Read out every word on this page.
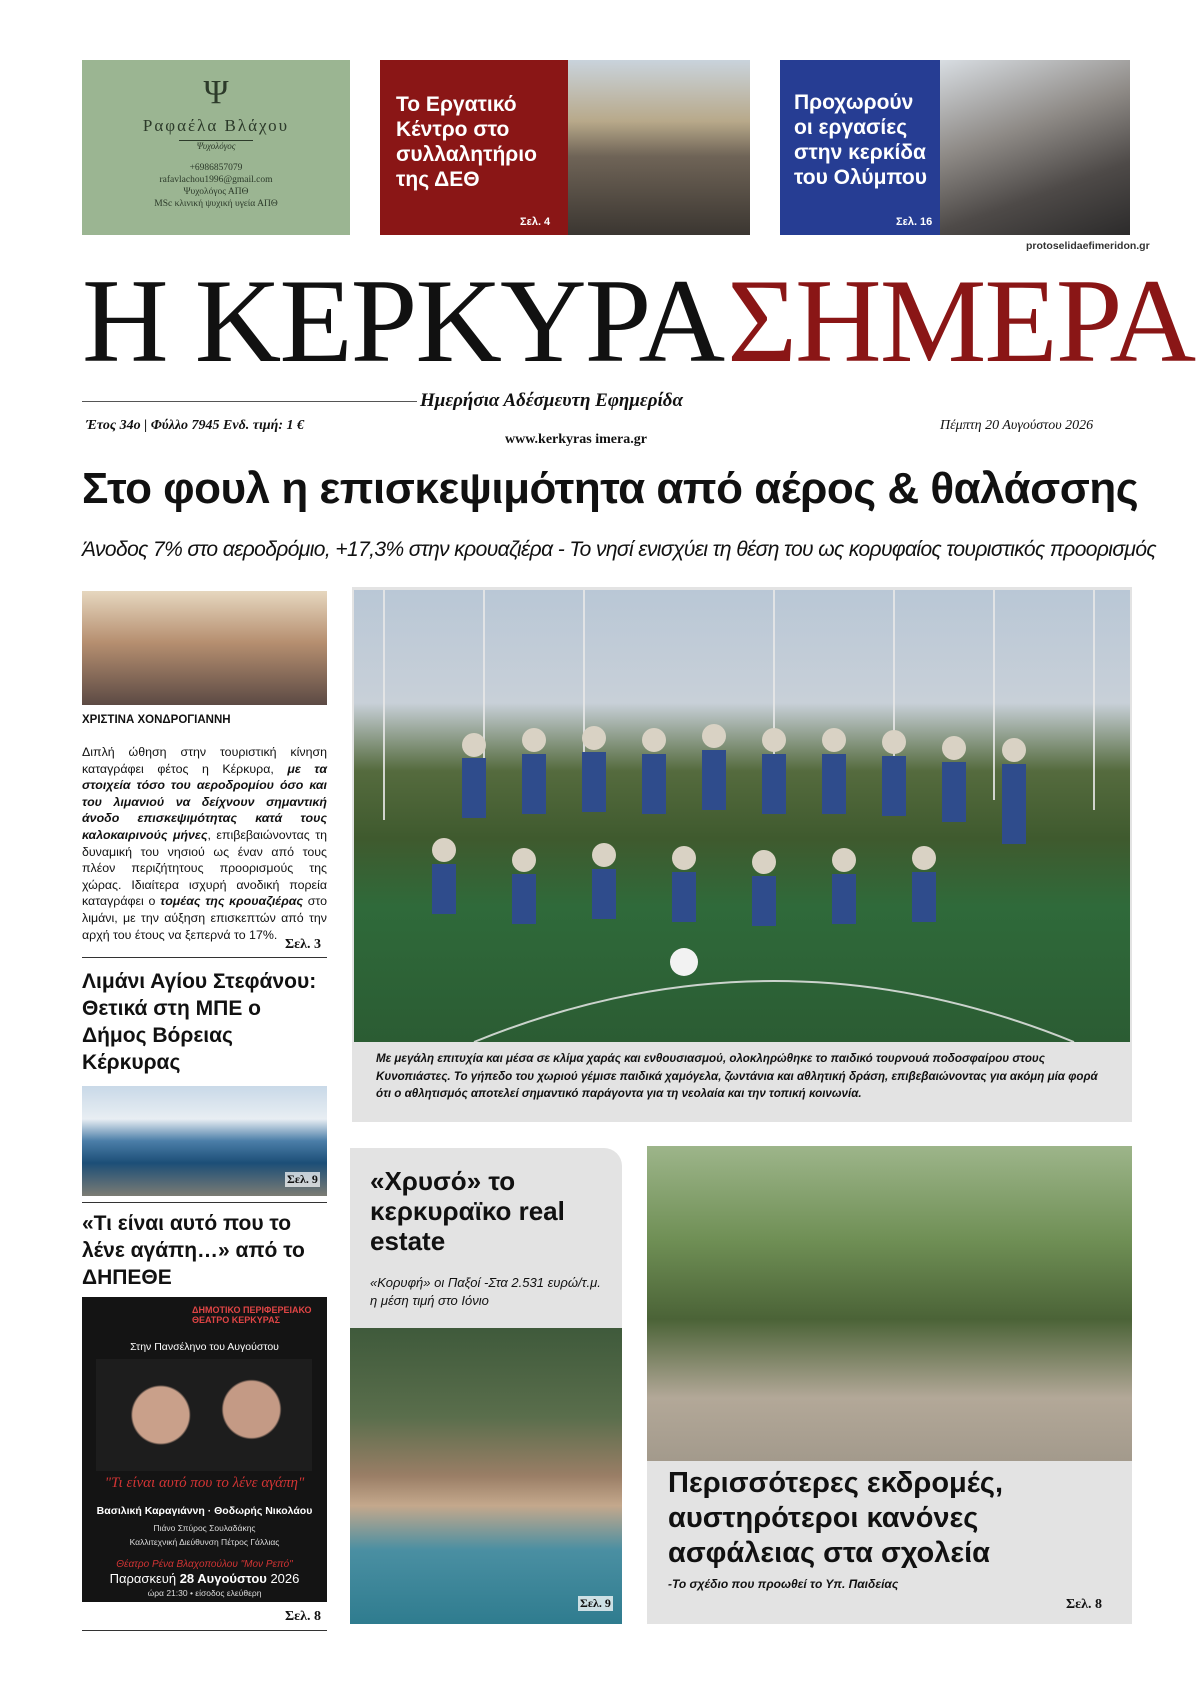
Ψ
Ραφαέλα Βλάχου
Ψυχολόγος
+6986857079
rafavlachou1996@gmail.com
Ψυχολόγος ΑΠΘ
MSc κλινική ψυχική υγεία ΑΠΘ
Το Εργατικό Κέντρο στο συλλαλητήριο της ΔΕΘ
Σελ. 4
Προχωρούν οι εργασίες στην κερκίδα του Ολύμπου
Σελ. 16
protoselidaefimeridon.gr
Η ΚΕΡΚΥΡΑ ΣΗΜΕΡΑ
Ημερήσια Αδέσμευτη Εφημερίδα
Έτος 34ο | Φύλλο 7945 Ενδ. τιμή: 1 €
www.kerkyras imera.gr
Πέμπτη 20 Αυγούστου 2026
Στο φουλ η επισκεψιμότητα από αέρος & θαλάσσης
Άνοδος 7% στο αεροδρόμιο, +17,3% στην κρουαζιέρα - Το νησί ενισχύει τη θέση του ως κορυφαίος τουριστικός προορισμός
ΧΡΙΣΤΙΝΑ ΧΟΝΔΡΟΓΙΑΝΝΗ
Διπλή ώθηση στην τουριστική κίνηση καταγράφει φέτος η Κέρκυρα, με τα στοιχεία τόσο του αεροδρομίου όσο και του λιμανιού να δείχνουν σημαντική άνοδο επισκεψιμότητας κατά τους καλοκαιρινούς μήνες, επιβεβαιώνοντας τη δυναμική του νησιού ως έναν από τους πλέον περιζήτητους προορισμούς της χώρας. Ιδιαίτερα ισχυρή ανοδική πορεία καταγράφει ο τομέας της κρουαζιέρας στο λιμάνι, με την αύξηση επισκεπτών από την αρχή του έτους να ξεπερνά το 17%.
Σελ. 3
Λιμάνι Αγίου Στεφάνου: Θετικά στη ΜΠΕ ο Δήμος Βόρειας Κέρκυρας
Σελ. 9
«Τι είναι αυτό που το λένε αγάπη…» από το ΔΗΠΕΘΕ
ΔΗΜΟΤΙΚΟ ΠΕΡΙΦΕΡΕΙΑΚΟ ΘΕΑΤΡΟ ΚΕΡΚΥΡΑΣ
Στην Πανσέληνο του Αυγούστου
"Τι είναι αυτό που το λένε αγάπη"
Βασιλική Καραγιάννη · Θοδωρής Νικολάου
Πιάνο Σπύρος Σουλαδάκης
Καλλιτεχνική Διεύθυνση Πέτρος Γάλλιας
Θέατρο Ρένα Βλαχοπούλου "Μον Ρεπό"
Παρασκευή 28 Αυγούστου 2026
ώρα 21:30 • είσοδος ελεύθερη
Σελ. 8
Με μεγάλη επιτυχία και μέσα σε κλίμα χαράς και ενθουσιασμού, ολοκληρώθηκε το παιδικό τουρνουά ποδοσφαίρου στους Κυνοπιάστες. Το γήπεδο του χωριού γέμισε παιδικά χαμόγελα, ζωντάνια και αθλητική δράση, επιβεβαιώνοντας για ακόμη μία φορά ότι ο αθλητισμός αποτελεί σημαντικό παράγοντα για τη νεολαία και την τοπική κοινωνία.
«Χρυσό» το κερκυραϊκο real estate
«Κορυφή» οι Παξοί -Στα 2.531 ευρώ/τ.μ. η μέση τιμή στο Ιόνιο
Σελ. 9
Περισσότερες εκδρομές, αυστηρότεροι κανόνες ασφάλειας στα σχολεία
-Το σχέδιο που προωθεί το Υπ. Παιδείας
Σελ. 8
